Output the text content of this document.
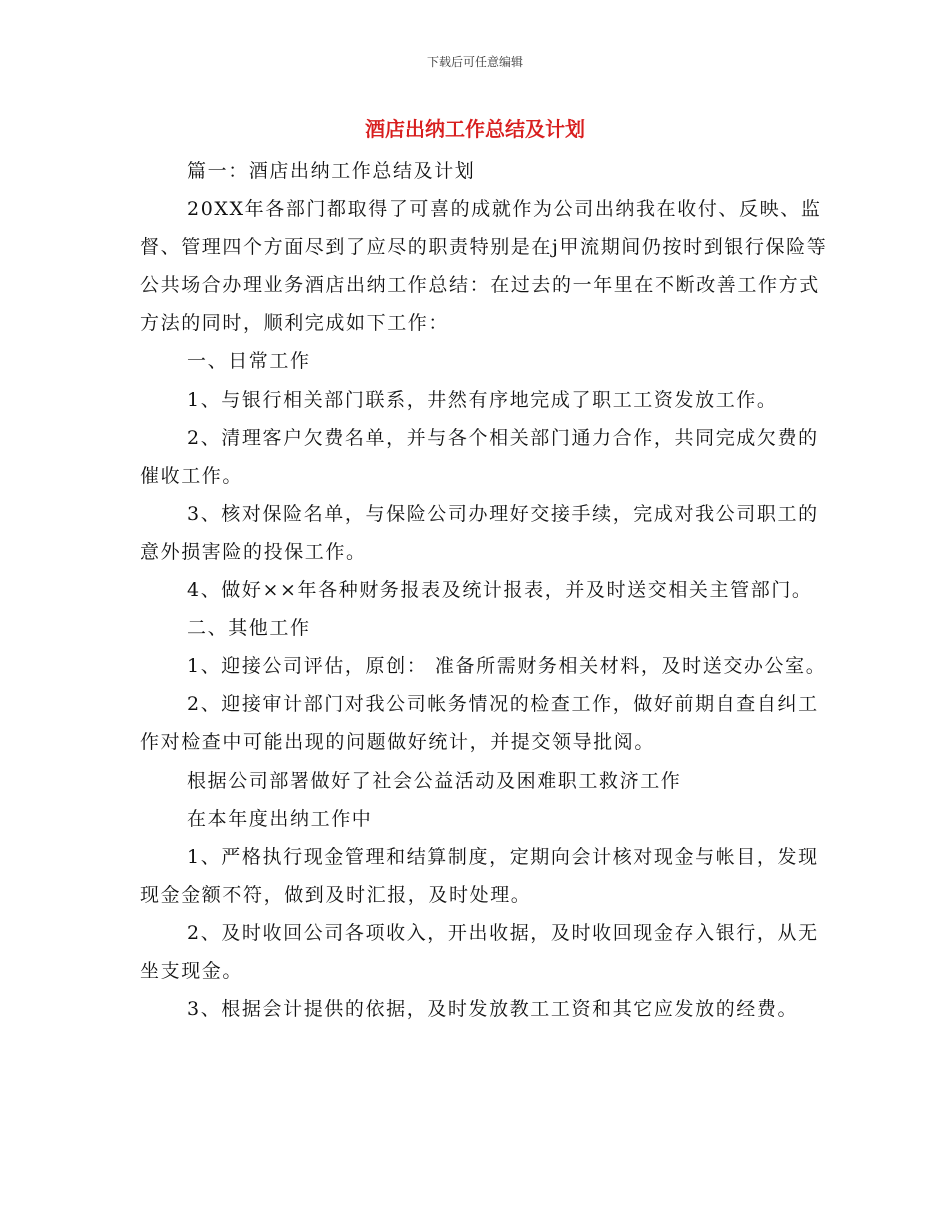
下载后可任意编辑
酒店出纳工作总结及计划

篇一：酒店出纳工作总结及计划

20XX年各部门都取得了可喜的成就作为公司出纳我在收付、反映、监督、管理四个方面尽到了应尽的职责特别是在j甲流期间仍按时到银行保险等公共场合办理业务酒店出纳工作总结：在过去的一年里在不断改善工作方式方法的同时，顺利完成如下工作：

一、日常工作

1、与银行相关部门联系，井然有序地完成了职工工资发放工作。

2、清理客户欠费名单，并与各个相关部门通力合作，共同完成欠费的催收工作。

3、核对保险名单，与保险公司办理好交接手续，完成对我公司职工的意外损害险的投保工作。

4、做好××年各种财务报表及统计报表，并及时送交相关主管部门。

二、其他工作

1、迎接公司评估，原创： 准备所需财务相关材料，及时送交办公室。

2、迎接审计部门对我公司帐务情况的检查工作，做好前期自查自纠工作对检查中可能出现的问题做好统计，并提交领导批阅。

根据公司部署做好了社会公益活动及困难职工救济工作

在本年度出纳工作中

1、严格执行现金管理和结算制度，定期向会计核对现金与帐目，发现现金金额不符，做到及时汇报，及时处理。

2、及时收回公司各项收入，开出收据，及时收回现金存入银行，从无坐支现金。

3、根据会计提供的依据，及时发放教工工资和其它应发放的经费。
